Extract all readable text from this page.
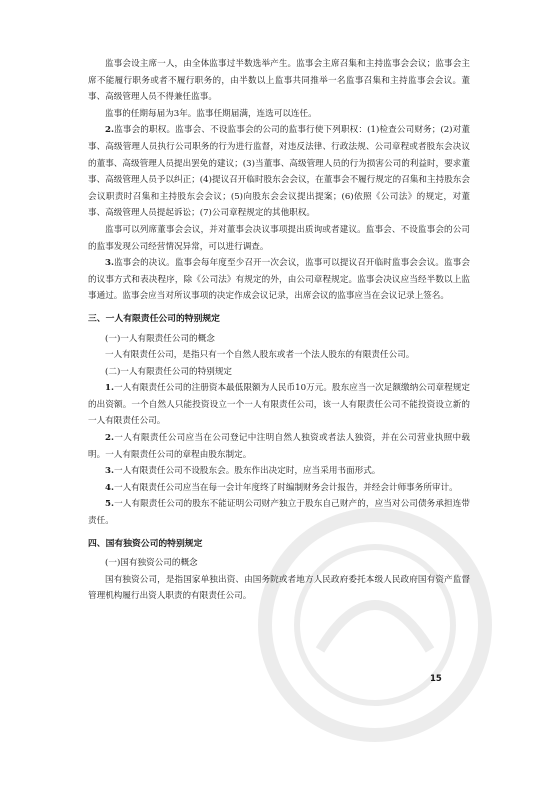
监事会设主席一人，由全体监事过半数选举产生。监事会主席召集和主持监事会会议；监事会主席不能履行职务或者不履行职务的，由半数以上监事共同推举一名监事召集和主持监事会会议。董事、高级管理人员不得兼任监事。

监事的任期每届为3年。监事任期届满，连选可以连任。

2.监事会的职权。监事会、不设监事会的公司的监事行使下列职权：(1)检查公司财务；(2)对董事、高级管理人员执行公司职务的行为进行监督，对违反法律、行政法规、公司章程或者股东会决议的董事、高级管理人员提出罢免的建议；(3)当董事、高级管理人员的行为损害公司的利益时，要求董事、高级管理人员予以纠正；(4)提议召开临时股东会会议，在董事会不履行规定的召集和主持股东会会议职责时召集和主持股东会会议；(5)向股东会会议提出提案；(6)依照《公司法》的规定，对董事、高级管理人员提起诉讼；(7)公司章程规定的其他职权。

监事可以列席董事会会议，并对董事会决议事项提出质询或者建议。监事会、不设监事会的公司的监事发现公司经营情况异常，可以进行调查。

3.监事会的决议。监事会每年度至少召开一次会议，监事可以提议召开临时监事会会议。监事会的议事方式和表决程序，除《公司法》有规定的外，由公司章程规定。监事会决议应当经半数以上监事通过。监事会应当对所议事项的决定作成会议记录，出席会议的监事应当在会议记录上签名。

三、一人有限责任公司的特别规定

(一)一人有限责任公司的概念

一人有限责任公司，是指只有一个自然人股东或者一个法人股东的有限责任公司。

(二)一人有限责任公司的特别规定

1.一人有限责任公司的注册资本最低限额为人民币10万元。股东应当一次足额缴纳公司章程规定的出资额。一个自然人只能投资设立一个一人有限责任公司，该一人有限责任公司不能投资设立新的一人有限责任公司。

2.一人有限责任公司应当在公司登记中注明自然人独资或者法人独资，并在公司营业执照中载明。一人有限责任公司的章程由股东制定。

3.一人有限责任公司不设股东会。股东作出决定时，应当采用书面形式。

4.一人有限责任公司应当在每一会计年度终了时编制财务会计报告，并经会计师事务所审计。

5.一人有限责任公司的股东不能证明公司财产独立于股东自己财产的，应当对公司债务承担连带责任。

四、国有独资公司的特别规定

(一)国有独资公司的概念

国有独资公司，是指国家单独出资、由国务院或者地方人民政府委托本级人民政府国有资产监督管理机构履行出资人职责的有限责任公司。

15
